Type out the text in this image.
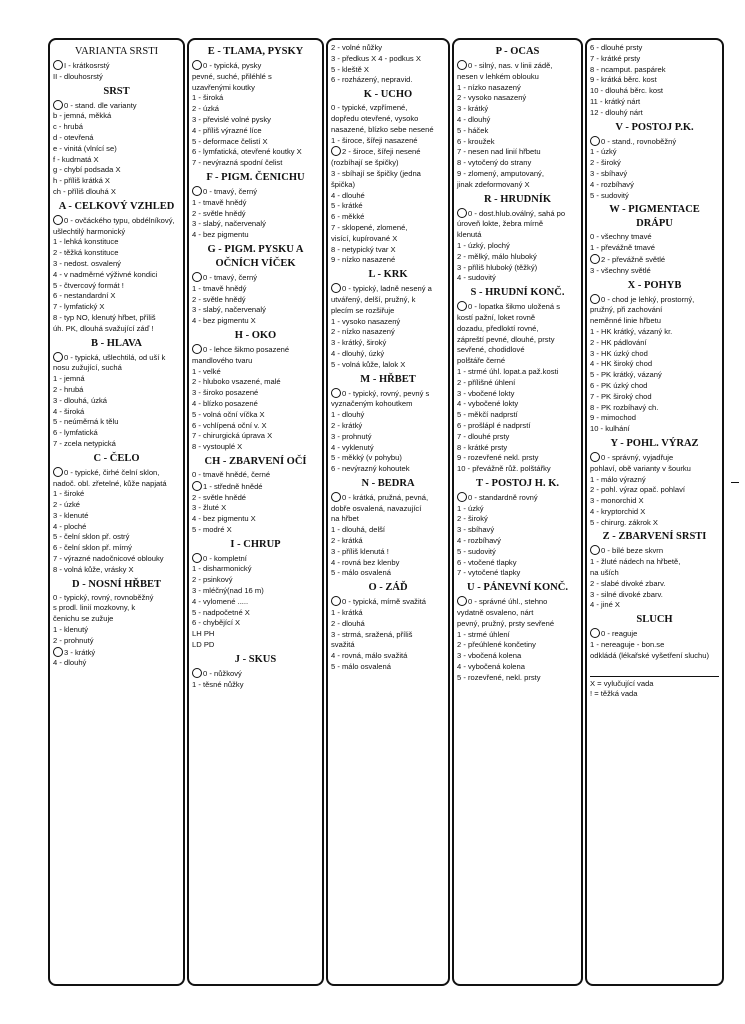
VARIANTA SRSTI
I - krátkosrstý
II - dlouhosrstý
SRST
0 - stand. dle varianty
b - jemná, měkká
c - hrubá
d - otevřená
e - vinitá (vlnící se)
f - kudrnatá X
g - chybí podsada X
h - příliš krátká X
ch - příliš dlouhá X
A - CELKOVÝ VZHLED
0 - ovčáckého typu, obdélníkový,
ušlechtilý harmonický
1 - lehká konstituce
2 - těžká konstituce
3 - nedost. osvalený
4 - v nadměrné výživné kondici
5 - čtvercový formát !
6 - nestandardní X
7 - lymfatický X
8 - typ NO, klenutý hřbet, příliš
úh. PK, dlouhá svažující záď !
B - HLAVA
0 - typická, ušlechtilá, od uší k
nosu zužující, suchá
1 - jemná
2 - hrubá
3 - dlouhá, úzká
4 - široká
5 - neúměrná k tělu
6 - lymfatická
7 - zcela netypická
C - ČELO
0 - typické, čirhé čelní sklon,
nadoč. obl. zřetelné, kůže napjatá
1 - široké
2 - úzké
3 - klenuté
4 - ploché
5 - čelní sklon př. ostrý
6 - čelní sklon př. mírný
7 - výrazné nadočnicové oblouky
8 - volná kůže, vrásky X
D - NOSNÍ HŘBET
0 - typický, rovný, rovnoběžný
s prodl. linií mozkovny, k
čenichu se zužuje
1 - klenutý
2 - prohnutý
3 - krátký
4 - dlouhý
E - TLAMA, PYSKY
0 - typická, pysky
pevné, suché, přiléhlé s
uzavřenými koutky
1 - široká
2 - úzká
3 - převislé volné pysky
4 - příliš výrazné líce
5 - deformace čelistí X
6 - lymfatická, otevřené koutky X
7 - nevýrazná spodní čelist
F - PIGM. ČENICHU
0 - tmavý, černý
1 - tmavě hnědý
2 - světle hnědý
3 - slabý, načervenalý
4 - bez pigmentu
G - PIGM. PYSKU A OČNÍCH VÍČEK
0 - tmavý, černý
1 - tmavě hnědý
2 - světle hnědý
3 - slabý, načervenalý
4 - bez pigmentu X
H - OKO
0 - lehce šikmo posazené
mandlového tvaru
1 - velké
2 - hluboko vsazené, malé
3 - široko posazené
4 - blízko posazené
5 - volná oční víčka X
6 - vchlípená oční v. X
7 - chirurgická úprava X
8 - vystouplé X
CH - ZBARVENÍ OČÍ
0 - tmavě hnědé, černé
1 - středně hnědé
2 - světle hnědé
3 - žluté X
4 - bez pigmentu X
5 - modré X
I - CHRUP
0 - kompletní
1 - disharmonický
2 - psinkový
3 - mléčný(nad 16 m)
4 - vylomené .....
5 - nadpočetné X
6 - chybějící X
LH PH
LD PD
J - SKUS
0 - nůžkový
1 - těsné nůžky
2 - volné nůžky
3 - předkus X 4 - podkus X
5 - kleště X
6 - rozházený, nepravid.
K - UCHO
0 - typické, vzpřímené,
dopředu otevřené, vysoko
nasazené, blízko sebe nesené
1 - široce, šířeji nasazené
2 - široce, šířeji nesené
(rozbíhají se špičky)
3 - sbíhají se špičky (jedna
špička)
4 - dlouhé
5 - krátké
6 - měkké
7 - sklopené, zlomené,
visící, kupírované X
8 - netypický tvar X
9 - nízko nasazené
L - KRK
0 - typický, ladně nesený a
utvářený, delší, pružný, k
plecím se rozšiřuje
1 - vysoko nasazený
2 - nízko nasazený
3 - krátký, široký
4 - dlouhý, úzký
5 - volná kůže, lalok X
M - HŘBET
0 - typický, rovný, pevný s
vyznačeným kohoutkem
1 - dlouhý
2 - krátký
3 - prohnutý
4 - vyklenutý
5 - měkký (v pohybu)
6 - nevýrazný kohoutek
N - BEDRA
0 - krátká, pružná, pevná,
dobře osvalená, navazující
na hřbet
1 - dlouhá, delší
2 - krátká
3 - příliš klenutá !
4 - rovná bez klenby
5 - málo osvalená
O - ZÁĎ
0 - typická, mírně svažitá
1 - krátká
2 - dlouhá
3 - strmá, sražená, příliš
svažitá
4 - rovná, málo svažitá
5 - málo osvalená
P - OCAS
0 - silný, nas. v linii zádě,
nesen v lehkém oblouku
1 - nízko nasazený
2 - vysoko nasazený
3 - krátký
4 - dlouhý
5 - háček
6 - kroužek
7 - nesen nad linií hřbetu
8 - vytočený do strany
9 - zlomený, amputovaný,
jinak zdeformovaný X
R - HRUDNÍK
0 - dost.hlub.oválný, sahá po
úroveň lokte, žebra mírně
klenutá
1 - úzký, plochý
2 - mělký, málo hluboký
3 - příliš hluboký (těžký)
4 - sudovitý
S - HRUDNÍ KONČ.
0 - lopatka šikmo uložená s
kostí pažní, loket rovně
dozadu, předloktí rovné,
zápreští pevné, dlouhé, prsty
sevřené, chodidlové
polštáře černé
1 - strmé úhl. lopat.a paž.kosti
2 - přílišné úhlení
3 - vbočené lokty
4 - vybočené lokty
5 - měkčí nadprstí
6 - prošlápl é nadprstí
7 - dlouhé prsty
8 - krátké prsty
9 - rozevřené nekl. prsty
10 - převážně růž. polštářky
T - POSTOJ H. K.
0 - standardně rovný
1 - úzký
2 - široký
3 - sbíhavý
4 - rozbíhavý
5 - sudovitý
6 - vtočené tlapky
7 - vytočené tlapky
U - PÁNEVNÍ KONČ.
0 - správné úhl., stehno
vydatně osvaleno, nárt
pevný, pružný, prsty sevřené
1 - strmé úhlení
2 - přeúhlené končetiny
3 - vbočená kolena
4 - vybočená kolena
5 - rozevřené, nekl. prsty
6 - dlouhé prsty
7 - krátké prsty
8 - ncamput. paspárek
9 - krátká běrc. kost
10 - dlouhá běrc. kost
11 - krátký nárt
12 - dlouhý nárt
V - POSTOJ P.K.
0 - stand., rovnoběžný
1 - úzký
2 - široký
3 - sbíhavý
4 - rozbíhavý
5 - sudovitý
W - PIGMENTACE DRÁPU
0 - všechny tmavé
1 - převážně tmavé
2 - převážně světlé
3 - všechny světlé
X - POHYB
0 - chod je lehký, prostorný,
pružný, při zachování
neměnné linie hřbetu
1 - HK krátký, vázaný kr.
2 - HK pádlování
3 - HK úzký chod
4 - HK široký chod
5 - PK krátký, vázaný
6 - PK úzký chod
7 - PK široký chod
8 - PK rozbíhavý ch.
9 - mimochod
10 - kulhání
Y - POHL. VÝRAZ
0 - správný, vyjadřuje
pohlaví, obě varianty v šourku
1 - málo výrazný
2 - pohl. výraz opač. pohlaví
3 - monorchid X
4 - kryptorchid X
5 - chirurg. zákrok X
Z - ZBARVENÍ SRSTI
0 - bílé beze skvrn
1 - žluté nádech na hřbetě,
na uších
2 - slabé divoké zbarv.
3 - silné divoké zbarv.
4 - jiné X
SLUCH
0 - reaguje
1 - nereaguje - bon.se
odkládá (lékařské vyšetření sluchu)
X = vylučující vada
! = těžká vada
